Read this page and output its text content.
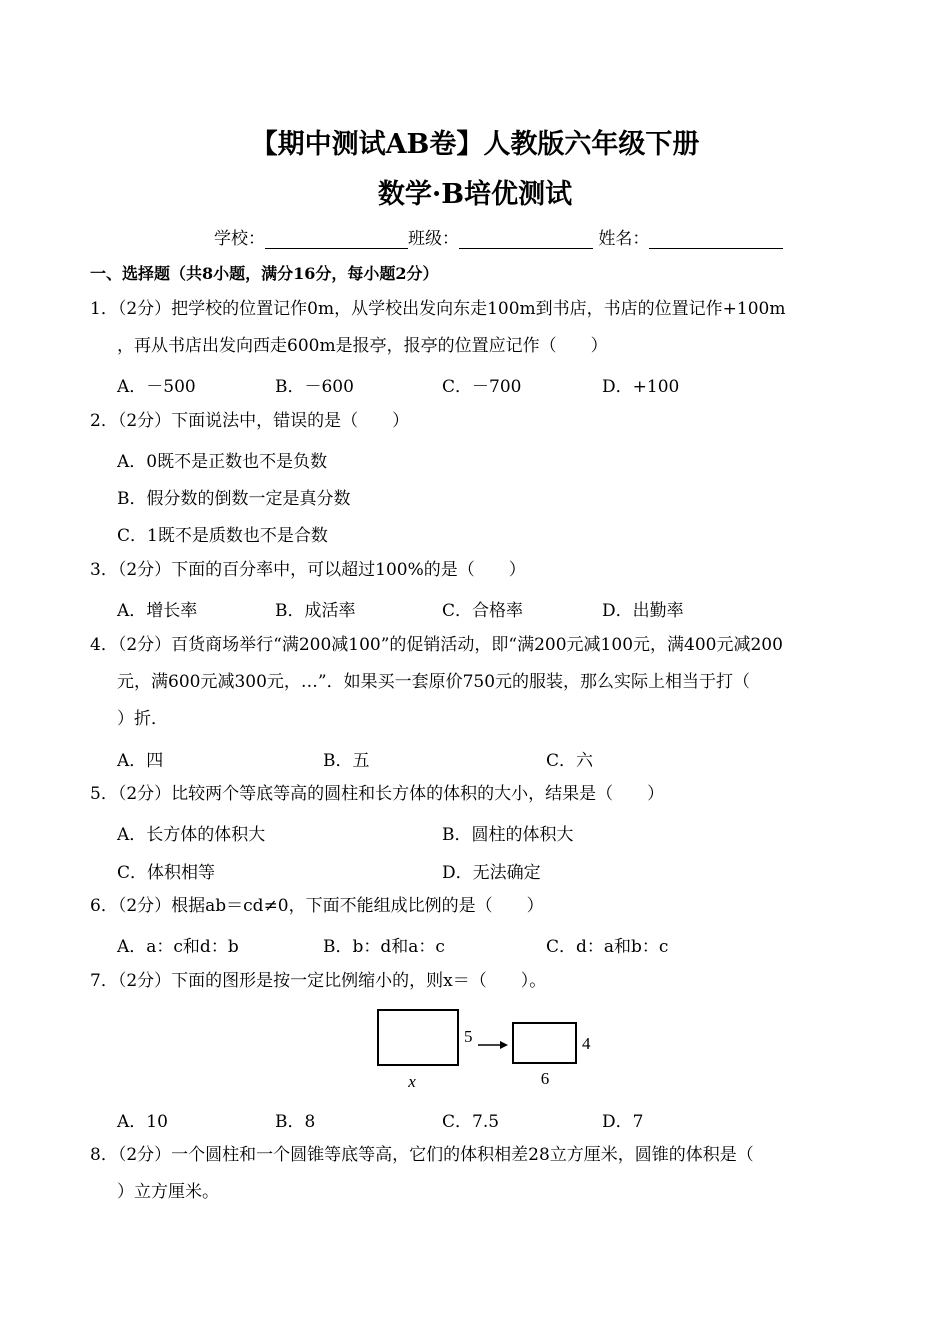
【期中测试AB卷】人教版六年级下册
数学·B培优测试
学校：	班级：	姓名：
一、选择题（共8小题，满分16分，每小题2分）
1．（2分）把学校的位置记作0m，从学校出发向东走100m到书店，书店的位置记作+100m
，再从书店出发向西走600m是报亭，报亭的位置应记作（　　）
A．－500	B．－600	C．－700	D．+100
2．（2分）下面说法中，错误的是（　　）
A．0既不是正数也不是负数
B．假分数的倒数一定是真分数
C．1既不是质数也不是合数
3．（2分）下面的百分率中，可以超过100%的是（　　）
A．增长率	B．成活率	C．合格率	D．出勤率
4．（2分）百货商场举行“满200减100”的促销活动，即“满200元减100元，满400元减200
元，满600元减300元，…”．如果买一套原价750元的服装，那么实际上相当于打（
）折．
A．四	B．五	C．六
5．（2分）比较两个等底等高的圆柱和长方体的体积的大小，结果是（　　）
A．长方体的体积大	B．圆柱的体积大
C．体积相等	D．无法确定
6．（2分）根据ab＝cd≠0，下面不能组成比例的是（　　）
A．a：c和d：b	B．b：d和a：c	C．d：a和b：c
7．（2分）下面的图形是按一定比例缩小的，则x＝（　　）。
5
x
4
6
A．10	B．8	C．7.5	D．7
8．（2分）一个圆柱和一个圆锥等底等高，它们的体积相差28立方厘米，圆锥的体积是（
）立方厘米。
